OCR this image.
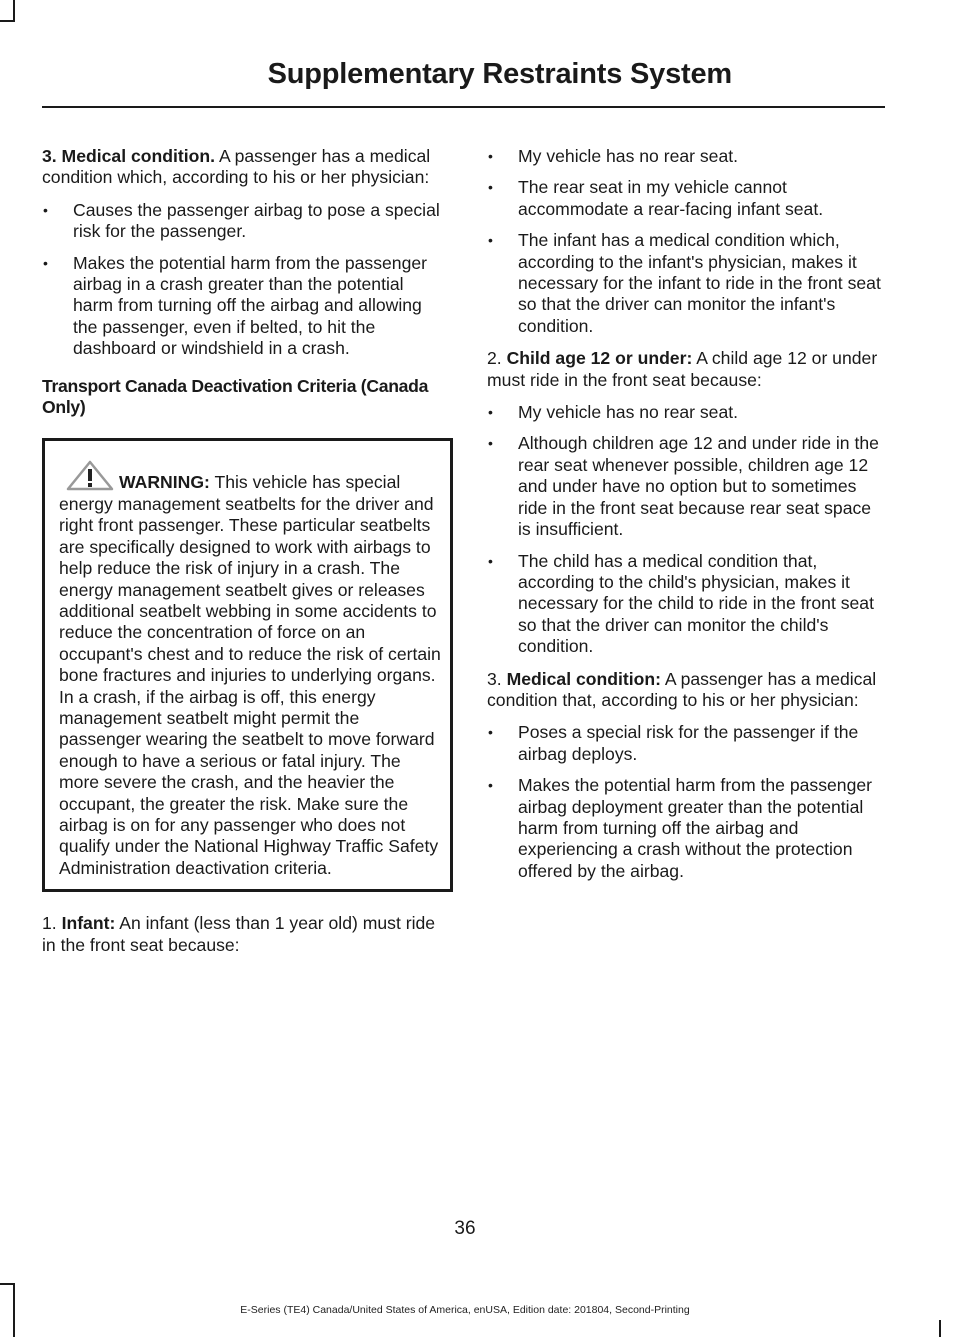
Supplementary Restraints System

3. Medical condition. A passenger has a medical condition which, according to his or her physician:

• Causes the passenger airbag to pose a special risk for the passenger.
• Makes the potential harm from the passenger airbag in a crash greater than the potential harm from turning off the airbag and allowing the passenger, even if belted, to hit the dashboard or windshield in a crash.
Transport Canada Deactivation Criteria (Canada Only)
WARNING: This vehicle has special energy management seatbelts for the driver and right front passenger. These particular seatbelts are specifically designed to work with airbags to help reduce the risk of injury in a crash. The energy management seatbelt gives or releases additional seatbelt webbing in some accidents to reduce the concentration of force on an occupant's chest and to reduce the risk of certain bone fractures and injuries to underlying organs. In a crash, if the airbag is off, this energy management seatbelt might permit the passenger wearing the seatbelt to move forward enough to have a serious or fatal injury. The more severe the crash, and the heavier the occupant, the greater the risk. Make sure the airbag is on for any passenger who does not qualify under the National Highway Traffic Safety Administration deactivation criteria.

1. Infant: An infant (less than 1 year old) must ride in the front seat because:

• My vehicle has no rear seat.
• The rear seat in my vehicle cannot accommodate a rear-facing infant seat.
• The infant has a medical condition which, according to the infant's physician, makes it necessary for the infant to ride in the front seat so that the driver can monitor the infant's condition.

2. Child age 12 or under: A child age 12 or under must ride in the front seat because:

• My vehicle has no rear seat.
• Although children age 12 and under ride in the rear seat whenever possible, children age 12 and under have no option but to sometimes ride in the front seat because rear seat space is insufficient.
• The child has a medical condition that, according to the child's physician, makes it necessary for the child to ride in the front seat so that the driver can monitor the child's condition.

3. Medical condition: A passenger has a medical condition that, according to his or her physician:

• Poses a special risk for the passenger if the airbag deploys.
• Makes the potential harm from the passenger airbag deployment greater than the potential harm from turning off the airbag and experiencing a crash without the protection offered by the airbag.
36
E-Series (TE4) Canada/United States of America, enUSA, Edition date: 201804, Second-Printing
